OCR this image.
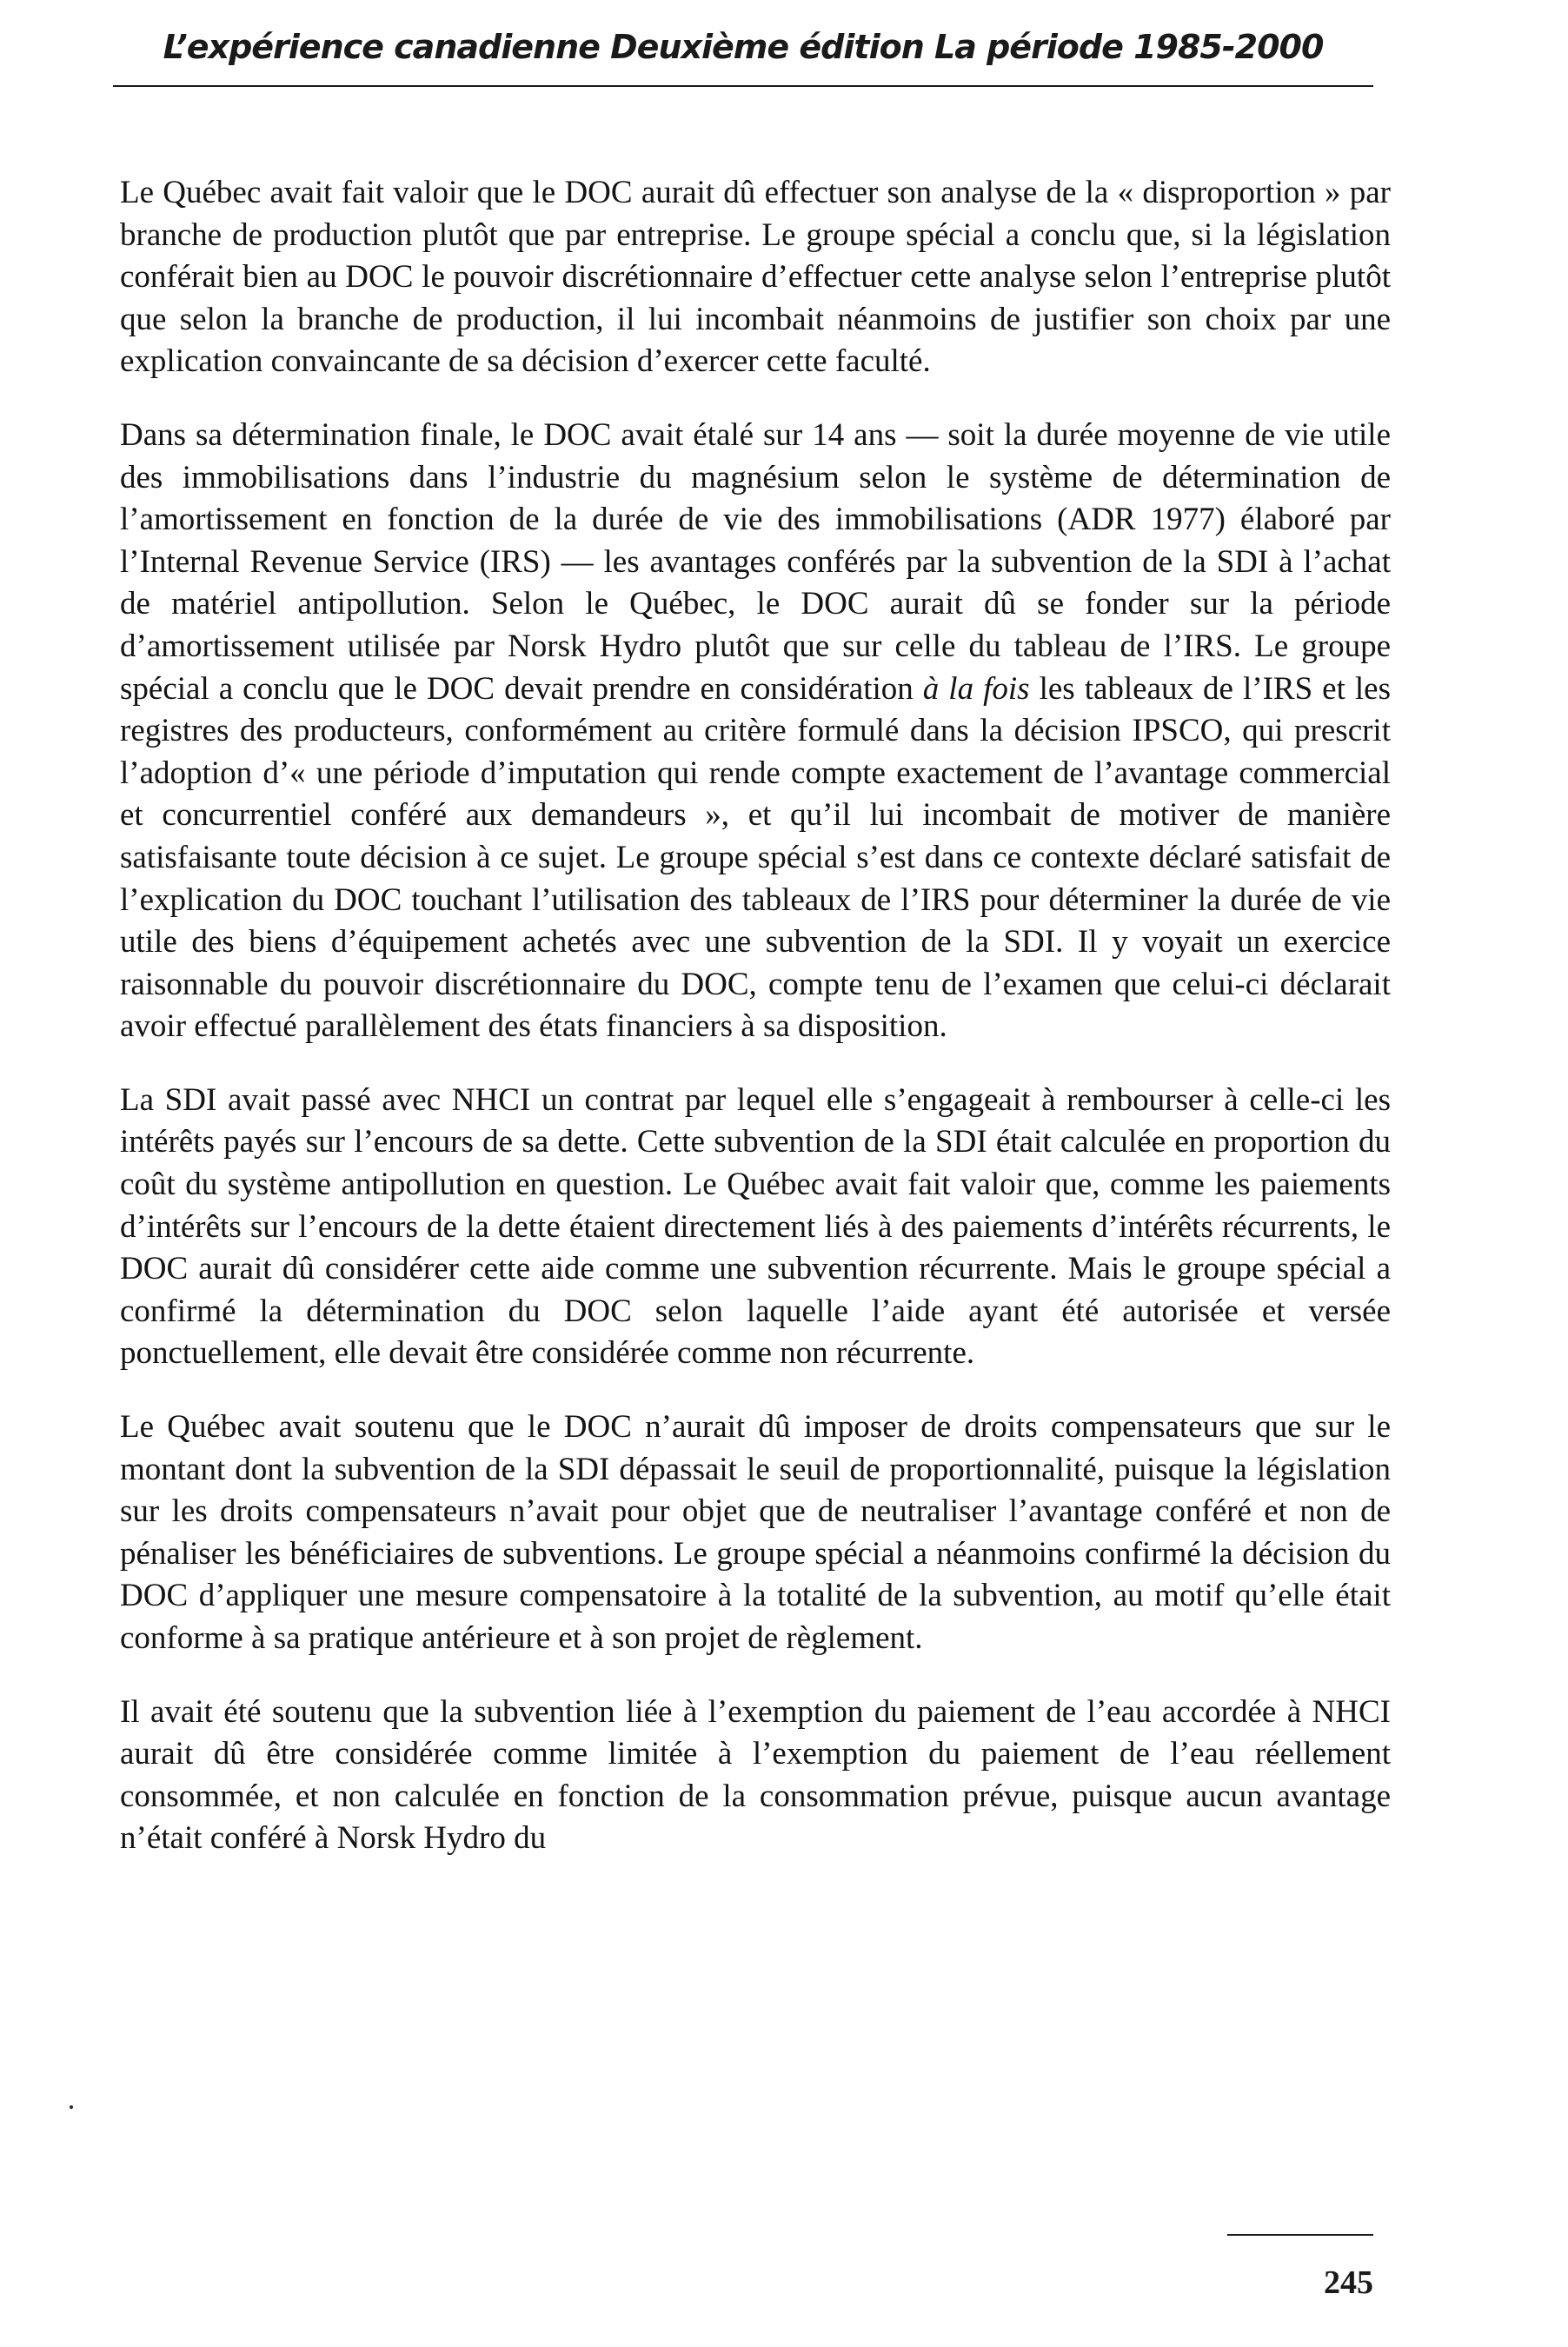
L’expérience canadienne Deuxième édition La période 1985-2000

Le Québec avait fait valoir que le DOC aurait dû effectuer son analyse de la « disproportion » par branche de production plutôt que par entreprise. Le groupe spécial a conclu que, si la législation conférait bien au DOC le pouvoir discrétionnaire d’effectuer cette analyse selon l’entreprise plutôt que selon la branche de production, il lui incombait néanmoins de justifier son choix par une explication convaincante de sa décision d’exercer cette faculté.

Dans sa détermination finale, le DOC avait étalé sur 14 ans — soit la durée moyenne de vie utile des immobilisations dans l’industrie du magnésium selon le système de détermination de l’amortissement en fonction de la durée de vie des immobilisations (ADR 1977) élaboré par l’Internal Revenue Service (IRS) — les avantages conférés par la subvention de la SDI à l’achat de matériel antipollution. Selon le Québec, le DOC aurait dû se fonder sur la période d’amortissement utilisée par Norsk Hydro plutôt que sur celle du tableau de l’IRS. Le groupe spécial a conclu que le DOC devait prendre en considération à la fois les tableaux de l’IRS et les registres des producteurs, conformément au critère formulé dans la décision IPSCO, qui prescrit l’adoption d’« une période d’imputation qui rende compte exactement de l’avantage commercial et concurrentiel conféré aux demandeurs », et qu’il lui incombait de motiver de manière satisfaisante toute décision à ce sujet. Le groupe spécial s’est dans ce contexte déclaré satisfait de l’explication du DOC touchant l’utilisation des tableaux de l’IRS pour déterminer la durée de vie utile des biens d’équipement achetés avec une subvention de la SDI. Il y voyait un exercice raisonnable du pouvoir discrétionnaire du DOC, compte tenu de l’examen que celui-ci déclarait avoir effectué parallèlement des états financiers à sa disposition.

La SDI avait passé avec NHCI un contrat par lequel elle s’engageait à rembourser à celle-ci les intérêts payés sur l’encours de sa dette. Cette subvention de la SDI était calculée en proportion du coût du système antipollution en question. Le Québec avait fait valoir que, comme les paiements d’intérêts sur l’encours de la dette étaient directement liés à des paiements d’intérêts récurrents, le DOC aurait dû considérer cette aide comme une subvention récurrente. Mais le groupe spécial a confirmé la détermination du DOC selon laquelle l’aide ayant été autorisée et versée ponctuellement, elle devait être considérée comme non récurrente.

Le Québec avait soutenu que le DOC n’aurait dû imposer de droits compensateurs que sur le montant dont la subvention de la SDI dépassait le seuil de proportionnalité, puisque la législation sur les droits compensateurs n’avait pour objet que de neutraliser l’avantage conféré et non de pénaliser les bénéficiaires de subventions. Le groupe spécial a néanmoins confirmé la décision du DOC d’appliquer une mesure compensatoire à la totalité de la subvention, au motif qu’elle était conforme à sa pratique antérieure et à son projet de règlement.

Il avait été soutenu que la subvention liée à l’exemption du paiement de l’eau accordée à NHCI aurait dû être considérée comme limitée à l’exemption du paiement de l’eau réellement consommée, et non calculée en fonction de la consommation prévue, puisque aucun avantage n’était conféré à Norsk Hydro du

245
